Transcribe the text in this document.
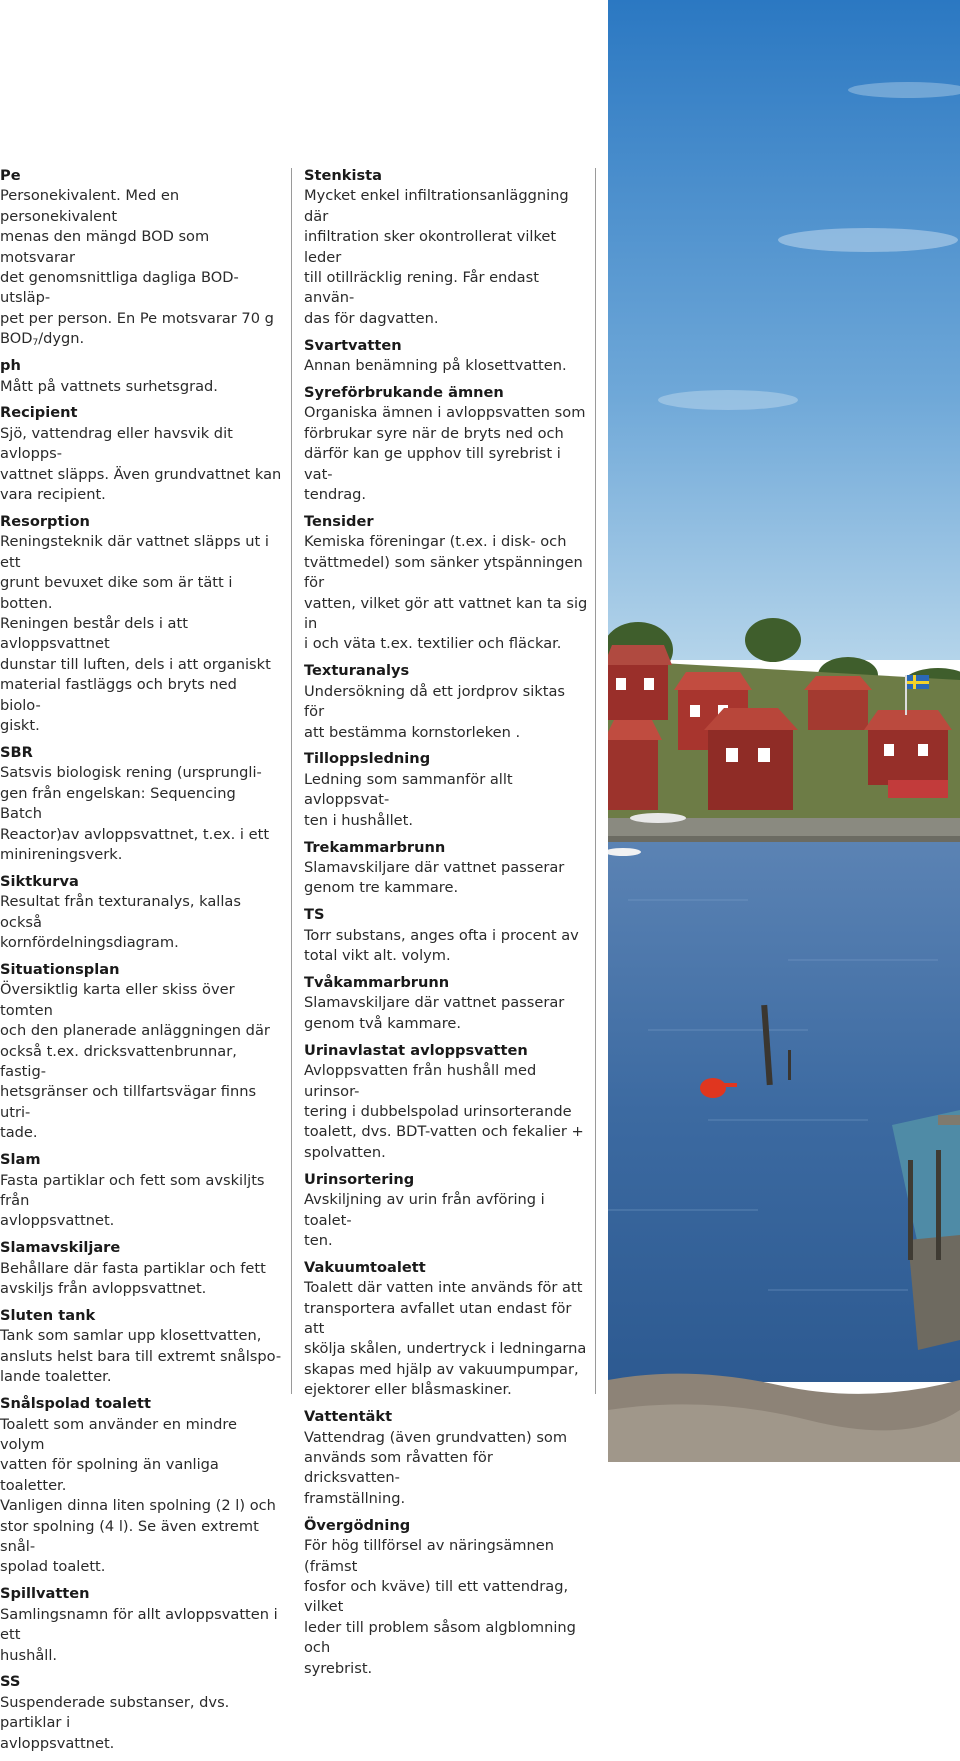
Pe
Personekivalent. Med en personekivalent
menas den mängd BOD som motsvarar
det genomsnittliga dagliga BOD-utsläp-
pet per person. En Pe motsvarar 70 g
$BOD_7$/dygn.
ph
Mått på vattnets surhetsgrad.
Recipient
Sjö, vattendrag eller havsvik dit avlopps-
vattnet släpps. Även grundvattnet kan
vara recipient.
Resorption
Reningsteknik där vattnet släpps ut i ett
grunt bevuxet dike som är tätt i botten.
Reningen består dels i att avloppsvattnet
dunstar till luften, dels i att organiskt
material fastläggs och bryts ned biolo-
giskt.
SBR
Satsvis biologisk rening (ursprungli-
gen från engelskan: Sequencing Batch
Reactor)av avloppsvattnet, t.ex. i ett
minireningsverk.
Siktkurva
Resultat från texturanalys, kallas också
kornfördelningsdiagram.
Situationsplan
Översiktlig karta eller skiss över tomten
och den planerade anläggningen där
också t.ex. dricksvattenbrunnar, fastig-
hetsgränser och tillfartsvägar finns utri-
tade.
Slam
Fasta partiklar och fett som avskiljts från
avloppsvattnet.
Slamavskiljare
Behållare där fasta partiklar och fett
avskiljs från avloppsvattnet.
Sluten tank
Tank som samlar upp klosettvatten,
ansluts helst bara till extremt snålspo-
lande toaletter.
Snålspolad toalett
Toalett som använder en mindre volym
vatten för spolning än vanliga toaletter.
Vanligen dinna liten spolning (2 l) och
stor spolning (4 l). Se även extremt snål-
spolad toalett.
Spillvatten
Samlingsnamn för allt avloppsvatten i ett
hushåll.
SS
Suspenderade substanser, dvs. partiklar i
avloppsvattnet.
Stenkista
Mycket enkel infiltrationsanläggning där
infiltration sker okontrollerat vilket leder
till otillräcklig rening. Får endast använ-
das för dagvatten.
Svartvatten
Annan benämning på klosettvatten.
Syreförbrukande ämnen
Organiska ämnen i avloppsvatten som
förbrukar syre när de bryts ned och
därför kan ge upphov till syrebrist i vat-
tendrag.
Tensider
Kemiska föreningar (t.ex. i disk- och
tvättmedel) som sänker ytspänningen för
vatten, vilket gör att vattnet kan ta sig in
i och väta t.ex. textilier och fläckar.
Texturanalys
Undersökning då ett jordprov siktas för
att bestämma kornstorleken .
Tilloppsledning
Ledning som sammanför allt avloppsvat-
ten i hushållet.
Trekammarbrunn
Slamavskiljare där vattnet passerar
genom tre kammare.
TS
Torr substans, anges ofta i procent av
total vikt alt. volym.
Tvåkammarbrunn
Slamavskiljare där vattnet passerar
genom två kammare.
Urinavlastat avloppsvatten
Avloppsvatten från hushåll med urinsor-
tering i dubbelspolad urinsorterande
toalett, dvs. BDT-vatten och fekalier +
spolvatten.
Urinsortering
Avskiljning av urin från avföring i toalet-
ten.
Vakuumtoalett
Toalett där vatten inte används för att
transportera avfallet utan endast för att
skölja skålen, undertryck i ledningarna
skapas med hjälp av vakuumpumpar,
ejektorer eller blåsmaskiner.
Vattentäkt
Vattendrag (även grundvatten) som
används som råvatten för dricksvatten-
framställning.
Övergödning
För hög tillförsel av näringsämnen (främst
fosfor och kväve) till ett vattendrag, vilket
leder till problem såsom algblomning och
syrebrist.
